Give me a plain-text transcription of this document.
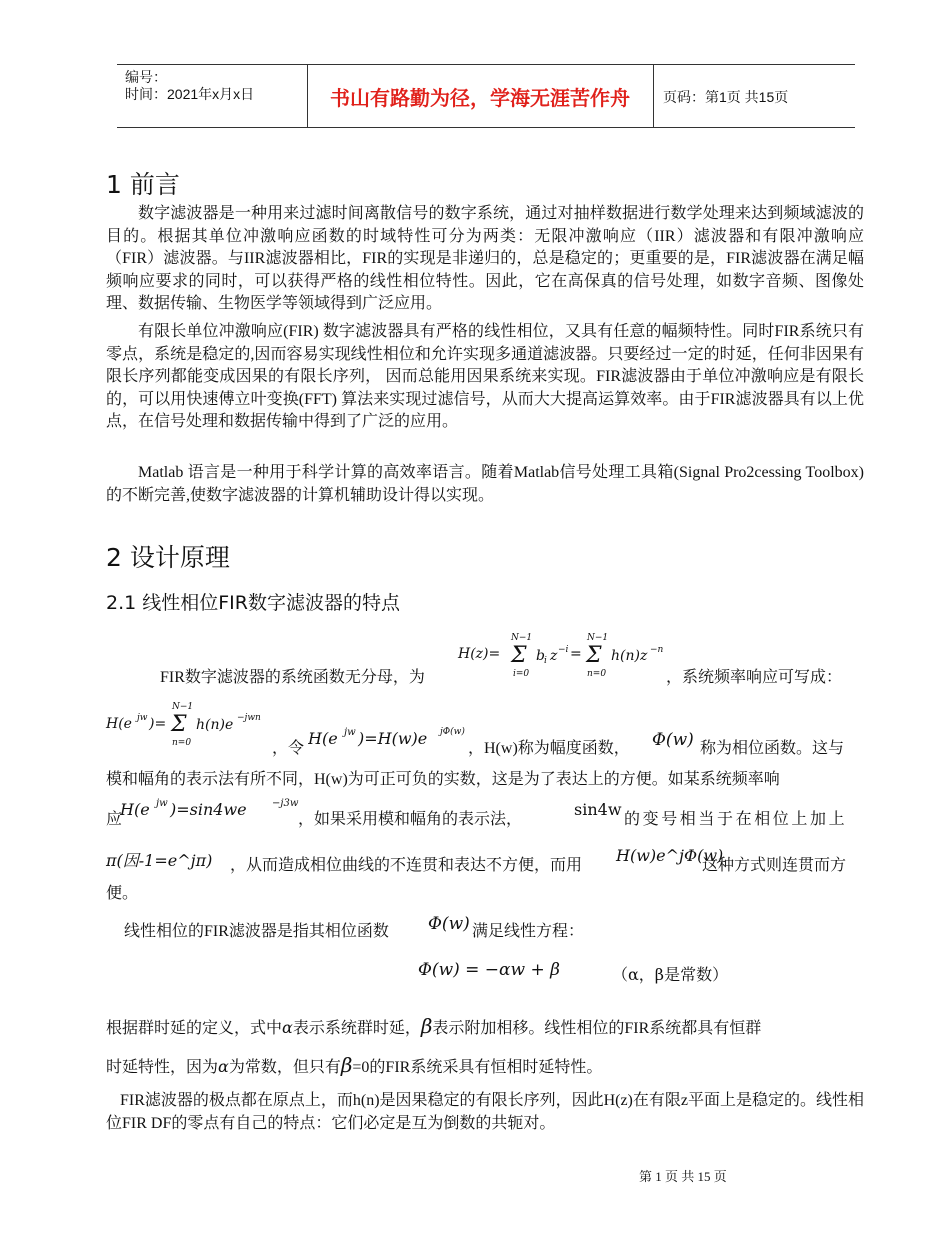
编号：
时间：2021年x月x日	书山有路勤为径，学海无涯苦作舟	页码：第1页 共15页
1 前言
数字滤波器是一种用来过滤时间离散信号的数字系统，通过对抽样数据进行数学处理来达到频域滤波的目的。根据其单位冲激响应函数的时域特性可分为两类：无限冲激响应（IIR）滤波器和有限冲激响应（FIR）滤波器。与IIR滤波器相比，FIR的实现是非递归的，总是稳定的；更重要的是，FIR滤波器在满足幅频响应要求的同时，可以获得严格的线性相位特性。因此，它在高保真的信号处理，如数字音频、图像处理、数据传输、生物医学等领域得到广泛应用。
有限长单位冲激响应(FIR) 数字滤波器具有严格的线性相位，又具有任意的幅频特性。同时FIR系统只有零点，系统是稳定的,因而容易实现线性相位和允许实现多通道滤波器。只要经过一定的时延，任何非因果有限长序列都能变成因果的有限长序列， 因而总能用因果系统来实现。FIR滤波器由于单位冲激响应是有限长的，可以用快速傅立叶变换(FFT) 算法来实现过滤信号，从而大大提高运算效率。由于FIR滤波器具有以上优点，在信号处理和数据传输中得到了广泛的应用。
Matlab 语言是一种用于科学计算的高效率语言。随着Matlab信号处理工具箱(Signal Pro2cessing Toolbox) 的不断完善,使数字滤波器的计算机辅助设计得以实现。
2 设计原理
2.1 线性相位FIR数字滤波器的特点
FIR数字滤波器的系统函数无分母，为
H(z)=
N−1
Σ
i=0
b i z −i =
N−1
Σ
n=0
h(n)z −n
，系统频率响应可写成：
H(e jw )=
N−1
Σ
n=0
h(n)e −jwn
，令
H(e jw )=H(w)e jΦ(w)
，H(w)称为幅度函数， Φ(w) 称为相位函数。这与
模和幅角的表示法有所不同，H(w)为可正可负的实数，这是为了表达上的方便。如某系统频率响
应
H(e jw )=sin4we	−j3w
，如果采用模和幅角的表示法，
sin4w
的变号相当于在相位上加上
π(因-1=e^jπ) ，从而造成相位曲线的不连贯和表达不方便，而用
H(w)e^jΦ(w)
这种方式则连贯而方
便。
线性相位的FIR滤波器是指其相位函数 Φ(w) 满足线性方程：
Φ(w) = −αw + β	（α，β是常数）
根据群时延的定义，式中α表示系统群时延，β表示附加相移。线性相位的FIR系统都具有恒群
时延特性，因为α为常数，但只有β=0的FIR系统采具有恒相时延特性。
FIR滤波器的极点都在原点上，而h(n)是因果稳定的有限长序列，因此H(z)在有限z平面上是稳定的。线性相位FIR DF的零点有自己的特点：它们必定是互为倒数的共轭对。
第 1 页 共 15 页
